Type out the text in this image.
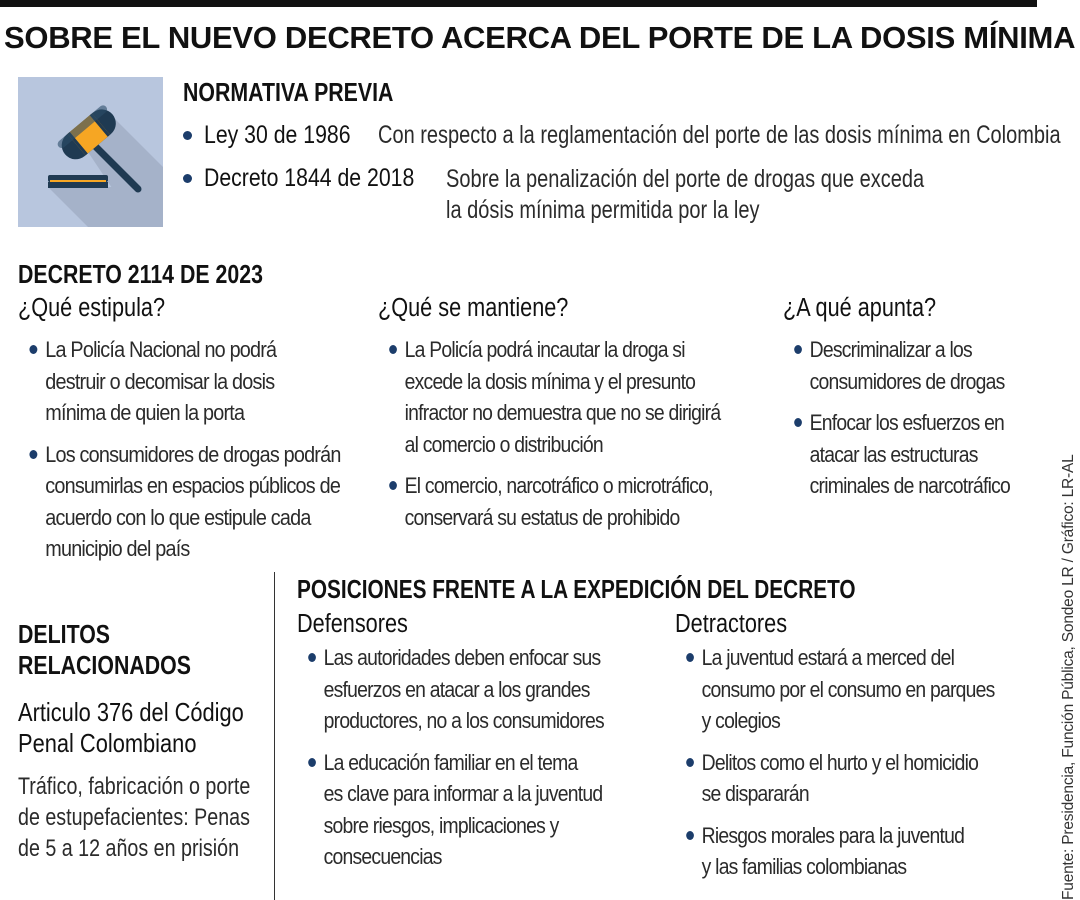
SOBRE EL NUEVO DECRETO ACERCA DEL PORTE DE LA DOSIS MÍNIMA
NORMATIVA PREVIA
Ley 30 de 1986 Con respecto a la reglamentación del porte de las dosis mínima en Colombia
Decreto 1844 de 2018	Sobre la penalización del porte de drogas que exceda
la dósis mínima permitida por la ley
DECRETO 2114 DE 2023
¿Qué estipula?
La Policía Nacional no podrá
destruir o decomisar la dosis
mínima de quien la porta
Los consumidores de drogas podrán
consumirlas en espacios públicos de
acuerdo con lo que estipule cada
municipio del país
¿Qué se mantiene?
La Policía podrá incautar la droga si
excede la dosis mínima y el presunto
infractor no demuestra que no se dirigirá
al comercio o distribución
El comercio, narcotráfico o microtráfico,
conservará su estatus de prohibido
¿A qué apunta?
Descriminalizar a los
consumidores de drogas
Enfocar los esfuerzos en
atacar las estructuras
criminales de narcotráfico
DELITOS
RELACIONADOS
Articulo 376 del Código
Penal Colombiano
Tráfico, fabricación o porte
de estupefacientes: Penas
de 5 a 12 años en prisión
POSICIONES FRENTE A LA EXPEDICIÓN DEL DECRETO
Defensores
Las autoridades deben enfocar sus
esfuerzos en atacar a los grandes
productores, no a los consumidores
La educación familiar en el tema
es clave para informar a la juventud
sobre riesgos, implicaciones y
consecuencias
Detractores
La juventud estará a merced del
consumo por el consumo en parques
y colegios
Delitos como el hurto y el homicidio
se dispararán
Riesgos morales para la juventud
y las familias colombianas	Fuente: Presidencia, Función Pública, Sondeo LR / Gráfico: LR-AL
